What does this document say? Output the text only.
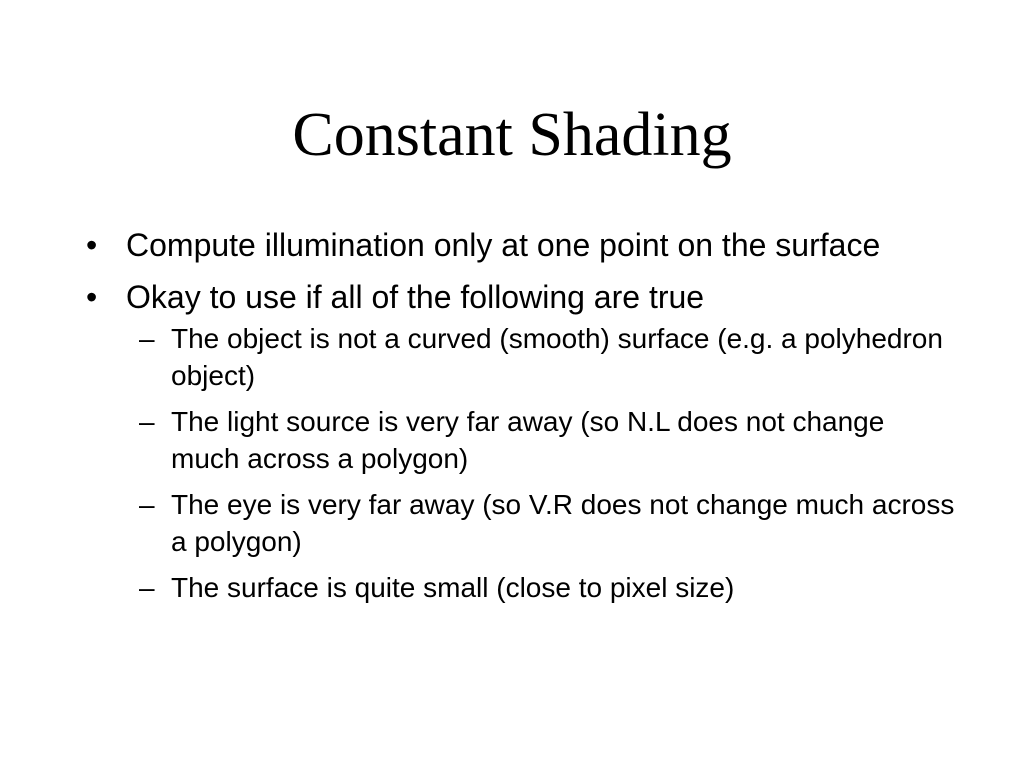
Constant Shading
• Compute illumination only at one point on the surface
• Okay to use if all of the following are true
– The object is not a curved (smooth) surface (e.g. a polyhedron object)
– The light source is very far away (so N.L does not change much across a polygon)
– The eye is very far away (so V.R does not change much across a polygon)
– The surface is quite small (close to pixel size)
